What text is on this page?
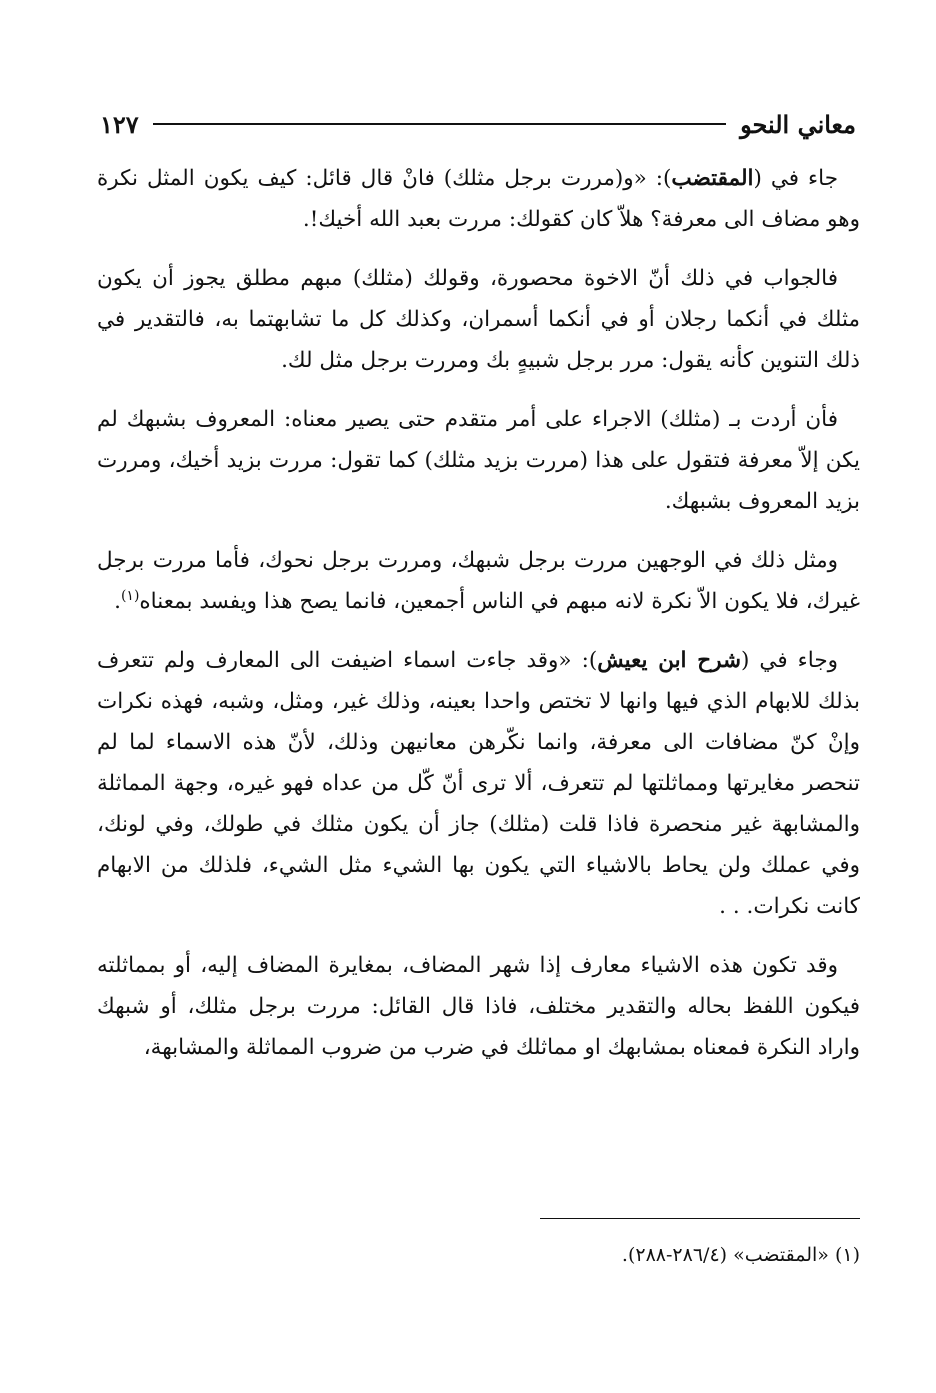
معاني النحو
١٢٧

جاء في (المقتضب): «و(مررت برجل مثلك) فانْ قال قائل: كيف يكون المثل نكرة وهو مضاف الى معرفة؟ هلاّ كان كقولك: مررت بعبد الله أخيك!.

فالجواب في ذلك أنّ الاخوة محصورة، وقولك (مثلك) مبهم مطلق يجوز أن يكون مثلك في أنكما رجلان أو في أنكما أسمران، وكذلك كل ما تشابهتما به، فالتقدير في ذلك التنوين كأنه يقول: مرر برجل شبيهٍ بك ومررت برجل مثل لك.

فأن أردت بـ (مثلك) الاجراء على أمر متقدم حتى يصير معناه: المعروف بشبهك لم يكن إلاّ معرفة فتقول على هذا (مررت بزيد مثلك) كما تقول: مررت بزيد أخيك، ومررت بزيد المعروف بشبهك.

ومثل ذلك في الوجهين مررت برجل شبهك، ومررت برجل نحوك، فأما مررت برجل غيرك، فلا يكون الاّ نكرة لانه مبهم في الناس أجمعين، فانما يصح هذا ويفسد بمعناه$^{(١)}$.

وجاء في (شرح ابن يعيش): «وقد جاءت اسماء اضيفت الى المعارف ولم تتعرف بذلك للابهام الذي فيها وانها لا تختص واحدا بعينه، وذلك غير، ومثل، وشبه، فهذه نكرات وإنْ كنّ مضافات الى معرفة، وانما نكّرهن معانيهن وذلك، لأنّ هذه الاسماء لما لم تنحصر مغايرتها ومماثلتها لم تتعرف، ألا ترى أنّ كّل من عداه فهو غيره، وجهة المماثلة والمشابهة غير منحصرة فاذا قلت (مثلك) جاز أن يكون مثلك في طولك، وفي لونك، وفي عملك ولن يحاط بالاشياء التي يكون بها الشيء مثل الشيء، فلذلك من الابهام كانت نكرات. . .

وقد تكون هذه الاشياء معارف إذا شهر المضاف، بمغايرة المضاف إليه، أو بمماثلته فيكون اللفظ بحاله والتقدير مختلف، فاذا قال القائل: مررت برجل مثلك، أو شبهك واراد النكرة فمعناه بمشابهك او مماثلك في ضرب من ضروب المماثلة والمشابهة،

(١) «المقتضب» (٢٨٦/٤-٢٨٨).
